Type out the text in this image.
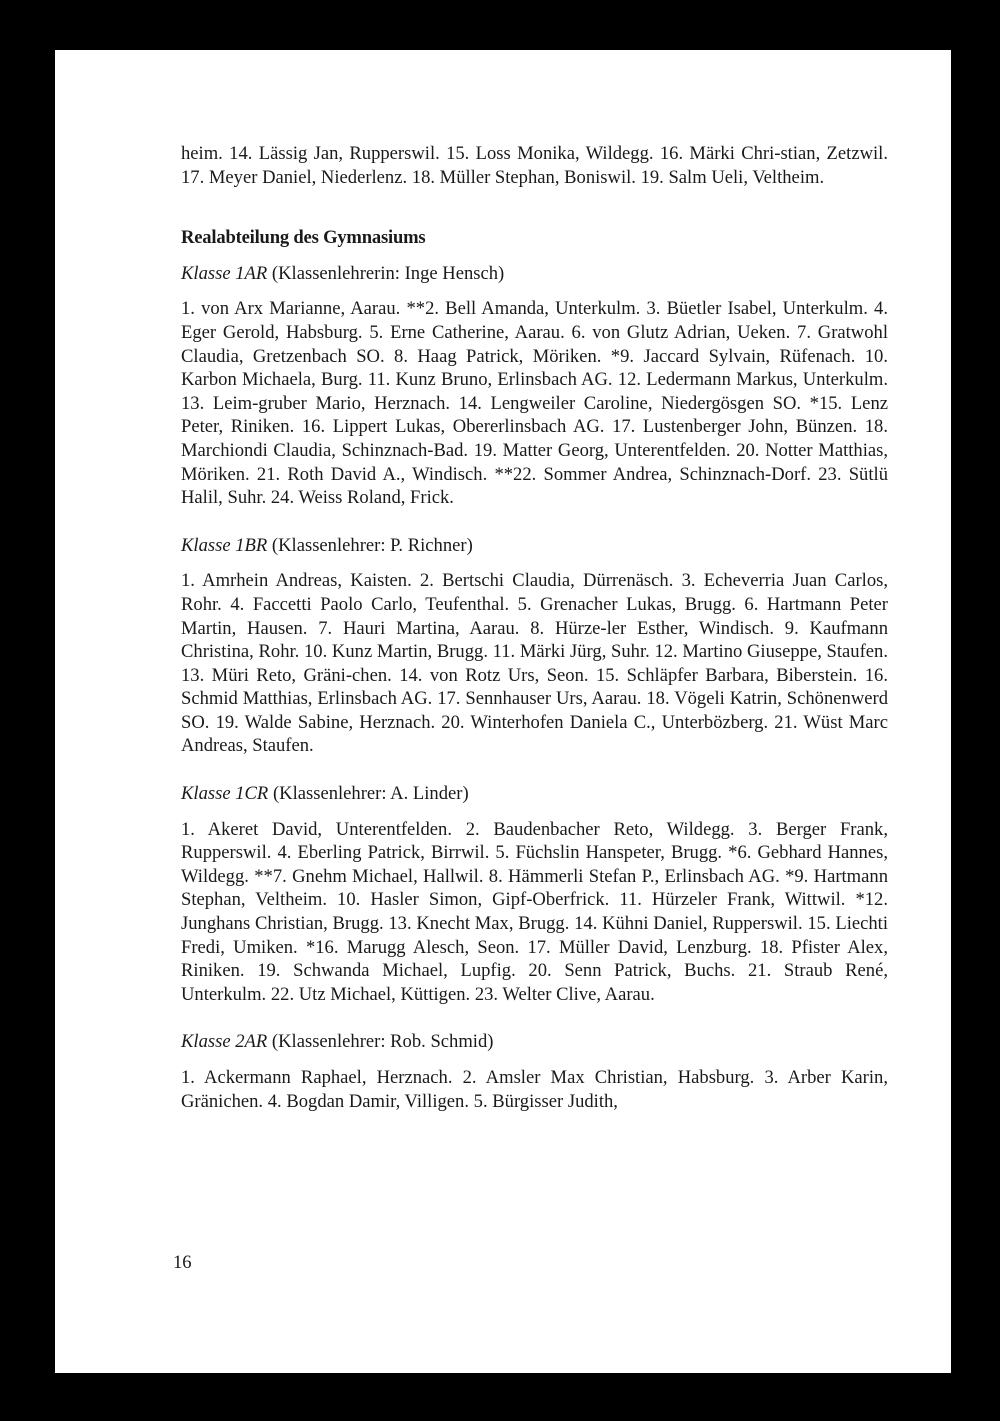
heim. 14. Lässig Jan, Rupperswil. 15. Loss Monika, Wildegg. 16. Märki Chri-stian, Zetzwil. 17. Meyer Daniel, Niederlenz. 18. Müller Stephan, Boniswil. 19. Salm Ueli, Veltheim.

Realabteilung des Gymnasiums

Klasse 1AR (Klassenlehrerin: Inge Hensch)

1. von Arx Marianne, Aarau. **2. Bell Amanda, Unterkulm. 3. Büetler Isabel, Unterkulm. 4. Eger Gerold, Habsburg. 5. Erne Catherine, Aarau. 6. von Glutz Adrian, Ueken. 7. Gratwohl Claudia, Gretzenbach SO. 8. Haag Patrick, Möriken. *9. Jaccard Sylvain, Rüfenach. 10. Karbon Michaela, Burg. 11. Kunz Bruno, Erlinsbach AG. 12. Ledermann Markus, Unterkulm. 13. Leim-gruber Mario, Herznach. 14. Lengweiler Caroline, Niedergösgen SO. *15. Lenz Peter, Riniken. 16. Lippert Lukas, Obererlinsbach AG. 17. Lustenberger John, Bünzen. 18. Marchiondi Claudia, Schinznach-Bad. 19. Matter Georg, Unterentfelden. 20. Notter Matthias, Möriken. 21. Roth David A., Windisch. **22. Sommer Andrea, Schinznach-Dorf. 23. Sütlü Halil, Suhr. 24. Weiss Roland, Frick.

Klasse 1BR (Klassenlehrer: P. Richner)

1. Amrhein Andreas, Kaisten. 2. Bertschi Claudia, Dürrenäsch. 3. Echeverria Juan Carlos, Rohr. 4. Faccetti Paolo Carlo, Teufenthal. 5. Grenacher Lukas, Brugg. 6. Hartmann Peter Martin, Hausen. 7. Hauri Martina, Aarau. 8. Hürze-ler Esther, Windisch. 9. Kaufmann Christina, Rohr. 10. Kunz Martin, Brugg. 11. Märki Jürg, Suhr. 12. Martino Giuseppe, Staufen. 13. Müri Reto, Gräni-chen. 14. von Rotz Urs, Seon. 15. Schläpfer Barbara, Biberstein. 16. Schmid Matthias, Erlinsbach AG. 17. Sennhauser Urs, Aarau. 18. Vögeli Katrin, Schönenwerd SO. 19. Walde Sabine, Herznach. 20. Winterhofen Daniela C., Unterbözberg. 21. Wüst Marc Andreas, Staufen.

Klasse 1CR (Klassenlehrer: A. Linder)

1. Akeret David, Unterentfelden. 2. Baudenbacher Reto, Wildegg. 3. Berger Frank, Rupperswil. 4. Eberling Patrick, Birrwil. 5. Füchslin Hanspeter, Brugg. *6. Gebhard Hannes, Wildegg. **7. Gnehm Michael, Hallwil. 8. Hämmerli Stefan P., Erlinsbach AG. *9. Hartmann Stephan, Veltheim. 10. Hasler Simon, Gipf-Oberfrick. 11. Hürzeler Frank, Wittwil. *12. Junghans Christian, Brugg. 13. Knecht Max, Brugg. 14. Kühni Daniel, Rupperswil. 15. Liechti Fredi, Umiken. *16. Marugg Alesch, Seon. 17. Müller David, Lenzburg. 18. Pfister Alex, Riniken. 19. Schwanda Michael, Lupfig. 20. Senn Patrick, Buchs. 21. Straub René, Unterkulm. 22. Utz Michael, Küttigen. 23. Welter Clive, Aarau.

Klasse 2AR (Klassenlehrer: Rob. Schmid)

1. Ackermann Raphael, Herznach. 2. Amsler Max Christian, Habsburg. 3. Arber Karin, Gränichen. 4. Bogdan Damir, Villigen. 5. Bürgisser Judith,

16
